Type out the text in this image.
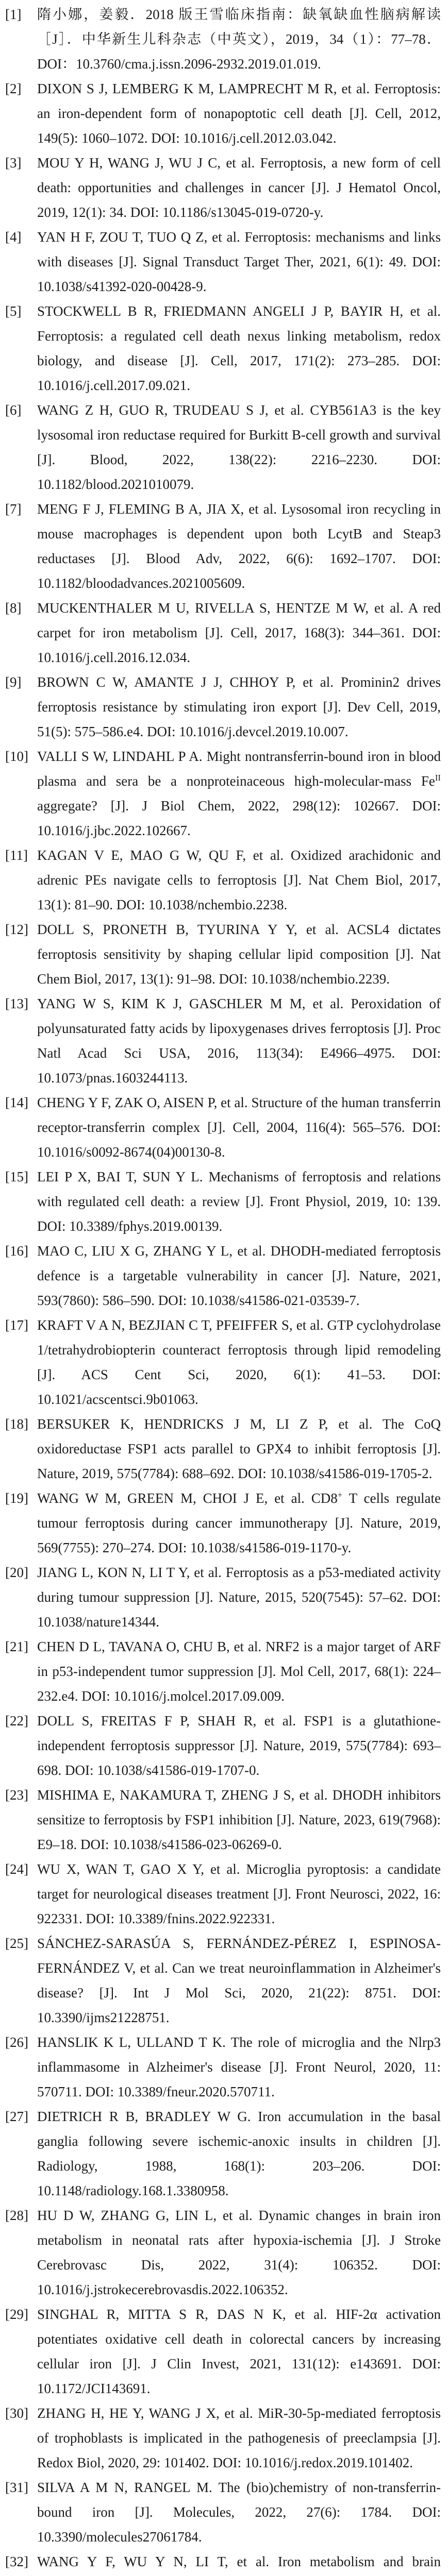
[1]	隋小娜，姜毅．2018 版王雪临床指南：缺氧缺血性脑病解读［J］．中华新生儿科杂志（中英文），2019，34（1）：77–78．DOI：10.3760/cma.j.issn.2096-2932.2019.01.019.
[2]	DIXON S J, LEMBERG K M, LAMPRECHT M R, et al. Ferroptosis: an iron-dependent form of nonapoptotic cell death [J]. Cell, 2012, 149(5): 1060–1072. DOI: 10.1016/j.cell.2012.03.042.
[3]	MOU Y H, WANG J, WU J C, et al. Ferroptosis, a new form of cell death: opportunities and challenges in cancer [J]. J Hematol Oncol, 2019, 12(1): 34. DOI: 10.1186/s13045-019-0720-y.
[4]	YAN H F, ZOU T, TUO Q Z, et al. Ferroptosis: mechanisms and links with diseases [J]. Signal Transduct Target Ther, 2021, 6(1): 49. DOI: 10.1038/s41392-020-00428-9.
[5]	STOCKWELL B R, FRIEDMANN ANGELI J P, BAYIR H, et al. Ferroptosis: a regulated cell death nexus linking metabolism, redox biology, and disease [J]. Cell, 2017, 171(2): 273–285. DOI: 10.1016/j.cell.2017.09.021.
[6]	WANG Z H, GUO R, TRUDEAU S J, et al. CYB561A3 is the key lysosomal iron reductase required for Burkitt B-cell growth and survival [J]. Blood, 2022, 138(22): 2216–2230. DOI: 10.1182/blood.2021010079.
[7]	MENG F J, FLEMING B A, JIA X, et al. Lysosomal iron recycling in mouse macrophages is dependent upon both LcytB and Steap3 reductases [J]. Blood Adv, 2022, 6(6): 1692–1707. DOI: 10.1182/bloodadvances.2021005609.
[8]	MUCKENTHALER M U, RIVELLA S, HENTZE M W, et al. A red carpet for iron metabolism [J]. Cell, 2017, 168(3): 344–361. DOI: 10.1016/j.cell.2016.12.034.
[9]	BROWN C W, AMANTE J J, CHHOY P, et al. Prominin2 drives ferroptosis resistance by stimulating iron export [J]. Dev Cell, 2019, 51(5): 575–586.e4. DOI: 10.1016/j.devcel.2019.10.007.
[10] VALLI S W, LINDAHL P A. Might nontransferrin-bound iron in blood plasma and sera be a nonproteinaceous high-molecular-mass $Fe^{II}$ aggregate? [J]. J Biol Chem, 2022, 298(12): 102667. DOI: 10.1016/j.jbc.2022.102667.
[11] KAGAN V E, MAO G W, QU F, et al. Oxidized arachidonic and adrenic PEs navigate cells to ferroptosis [J]. Nat Chem Biol, 2017, 13(1): 81–90. DOI: 10.1038/nchembio.2238.
[12] DOLL S, PRONETH B, TYURINA Y Y, et al. ACSL4 dictates ferroptosis sensitivity by shaping cellular lipid composition [J]. Nat Chem Biol, 2017, 13(1): 91–98. DOI: 10.1038/nchembio.2239.
[13] YANG W S, KIM K J, GASCHLER M M, et al. Peroxidation of polyunsaturated fatty acids by lipoxygenases drives ferroptosis [J]. Proc Natl Acad Sci USA, 2016, 113(34): E4966–4975. DOI: 10.1073/pnas.1603244113.
[14] CHENG Y F, ZAK O, AISEN P, et al. Structure of the human transferrin receptor-transferrin complex [J]. Cell, 2004, 116(4): 565–576. DOI: 10.1016/s0092-8674(04)00130-8.
[15] LEI P X, BAI T, SUN Y L. Mechanisms of ferroptosis and relations with regulated cell death: a review [J]. Front Physiol, 2019, 10: 139. DOI: 10.3389/fphys.2019.00139.
[16] MAO C, LIU X G, ZHANG Y L, et al. DHODH-mediated ferroptosis defence is a targetable vulnerability in cancer [J]. Nature, 2021, 593(7860): 586–590. DOI: 10.1038/s41586-021-03539-7.
[17] KRAFT V A N, BEZJIAN C T, PFEIFFER S, et al. GTP cyclohydrolase 1/tetrahydrobiopterin counteract ferroptosis through lipid remodeling [J]. ACS Cent Sci, 2020, 6(1): 41–53. DOI: 10.1021/acscentsci.9b01063.
[18] BERSUKER K, HENDRICKS J M, LI Z P, et al. The CoQ oxidoreductase FSP1 acts parallel to GPX4 to inhibit ferroptosis [J]. Nature, 2019, 575(7784): 688–692. DOI: 10.1038/s41586-019-1705-2.
[19] WANG W M, GREEN M, CHOI J E, et al. CD8+ T cells regulate tumour ferroptosis during cancer immunotherapy [J]. Nature, 2019, 569(7755): 270–274. DOI: 10.1038/s41586-019-1170-y.
[20] JIANG L, KON N, LI T Y, et al. Ferroptosis as a p53-mediated activity during tumour suppression [J]. Nature, 2015, 520(7545): 57–62. DOI: 10.1038/nature14344.
[21] CHEN D L, TAVANA O, CHU B, et al. NRF2 is a major target of ARF in p53-independent tumor suppression [J]. Mol Cell, 2017, 68(1): 224–232.e4. DOI: 10.1016/j.molcel.2017.09.009.
[22] DOLL S, FREITAS F P, SHAH R, et al. FSP1 is a glutathione-independent ferroptosis suppressor [J]. Nature, 2019, 575(7784): 693–698. DOI: 10.1038/s41586-019-1707-0.
[23] MISHIMA E, NAKAMURA T, ZHENG J S, et al. DHODH inhibitors sensitize to ferroptosis by FSP1 inhibition [J]. Nature, 2023, 619(7968): E9–18. DOI: 10.1038/s41586-023-06269-0.
[24] WU X, WAN T, GAO X Y, et al. Microglia pyroptosis: a candidate target for neurological diseases treatment [J]. Front Neurosci, 2022, 16: 922331. DOI: 10.3389/fnins.2022.922331.
[25] SÁNCHEZ-SARASÚA S, FERNÁNDEZ-PÉREZ I, ESPINOSA-FERNÁNDEZ V, et al. Can we treat neuroinflammation in Alzheimer's disease? [J]. Int J Mol Sci, 2020, 21(22): 8751. DOI: 10.3390/ijms21228751.
[26] HANSLIK K L, ULLAND T K. The role of microglia and the Nlrp3 inflammasome in Alzheimer's disease [J]. Front Neurol, 2020, 11: 570711. DOI: 10.3389/fneur.2020.570711.
[27] DIETRICH R B, BRADLEY W G. Iron accumulation in the basal ganglia following severe ischemic-anoxic insults in children [J]. Radiology, 1988, 168(1): 203–206. DOI: 10.1148/radiology.168.1.3380958.
[28] HU D W, ZHANG G, LIN L, et al. Dynamic changes in brain iron metabolism in neonatal rats after hypoxia-ischemia [J]. J Stroke Cerebrovasc Dis, 2022, 31(4): 106352. DOI: 10.1016/j.jstrokecerebrovasdis.2022.106352.
[29] SINGHAL R, MITTA S R, DAS N K, et al. HIF-2α activation potentiates oxidative cell death in colorectal cancers by increasing cellular iron [J]. J Clin Invest, 2021, 131(12): e143691. DOI: 10.1172/JCI143691.
[30] ZHANG H, HE Y, WANG J X, et al. MiR-30-5p-mediated ferroptosis of trophoblasts is implicated in the pathogenesis of preeclampsia [J]. Redox Biol, 2020, 29: 101402. DOI: 10.1016/j.redox.2019.101402.
[31] SILVA A M N, RANGEL M. The (bio)chemistry of non-transferrin-bound iron [J]. Molecules, 2022, 27(6): 1784. DOI: 10.3390/molecules27061784.
[32] WANG Y F, WU Y N, LI T, et al. Iron metabolism and brain
